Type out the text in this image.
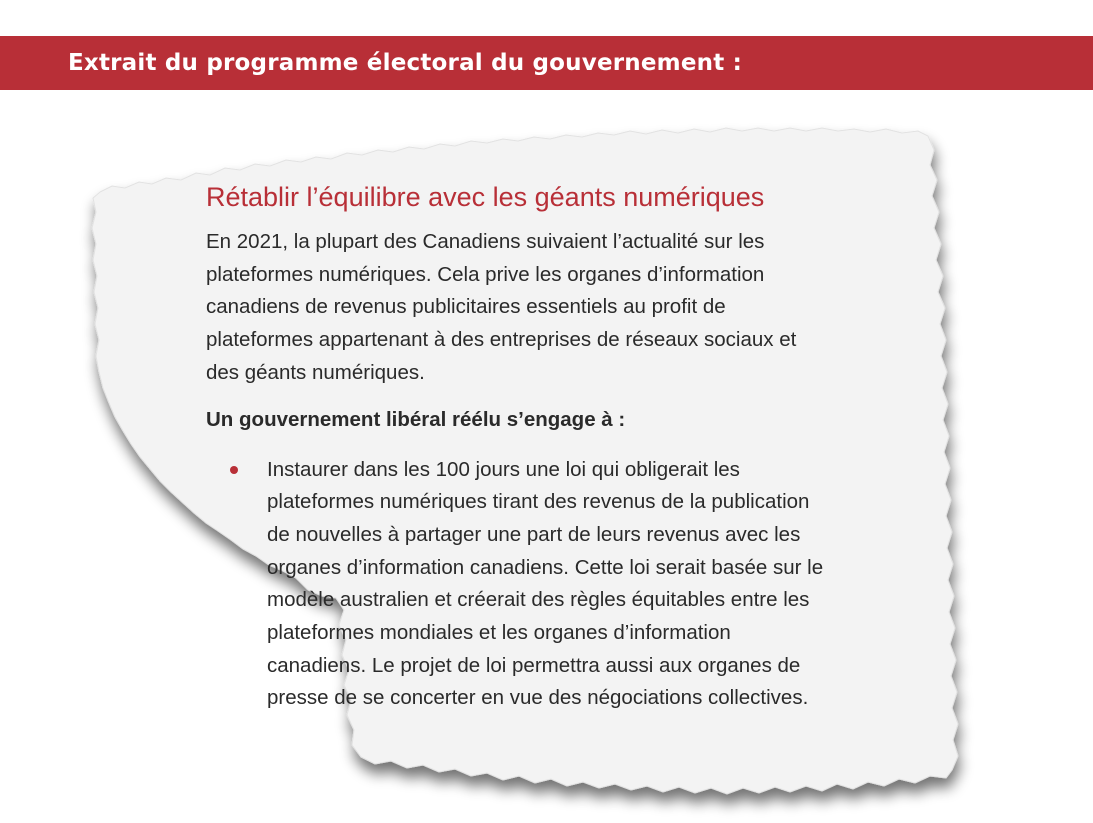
Extrait du programme électoral du gouvernement :
Rétablir l’équilibre avec les géants numériques

En 2021, la plupart des Canadiens suivaient l’actualité sur les plateformes numériques. Cela prive les organes d’information canadiens de revenus publicitaires essentiels au profit de plateformes appartenant à des entreprises de réseaux sociaux et des géants numériques.

Un gouvernement libéral réélu s’engage à :

Instaurer dans les 100 jours une loi qui obligerait les plateformes numériques tirant des revenus de la publication de nouvelles à partager une part de leurs revenus avec les organes d’information canadiens. Cette loi serait basée sur le modèle australien et créerait des règles équitables entre les plateformes mondiales et les organes d’information canadiens. Le projet de loi permettra aussi aux organes de presse de se concerter en vue des négociations collectives.
